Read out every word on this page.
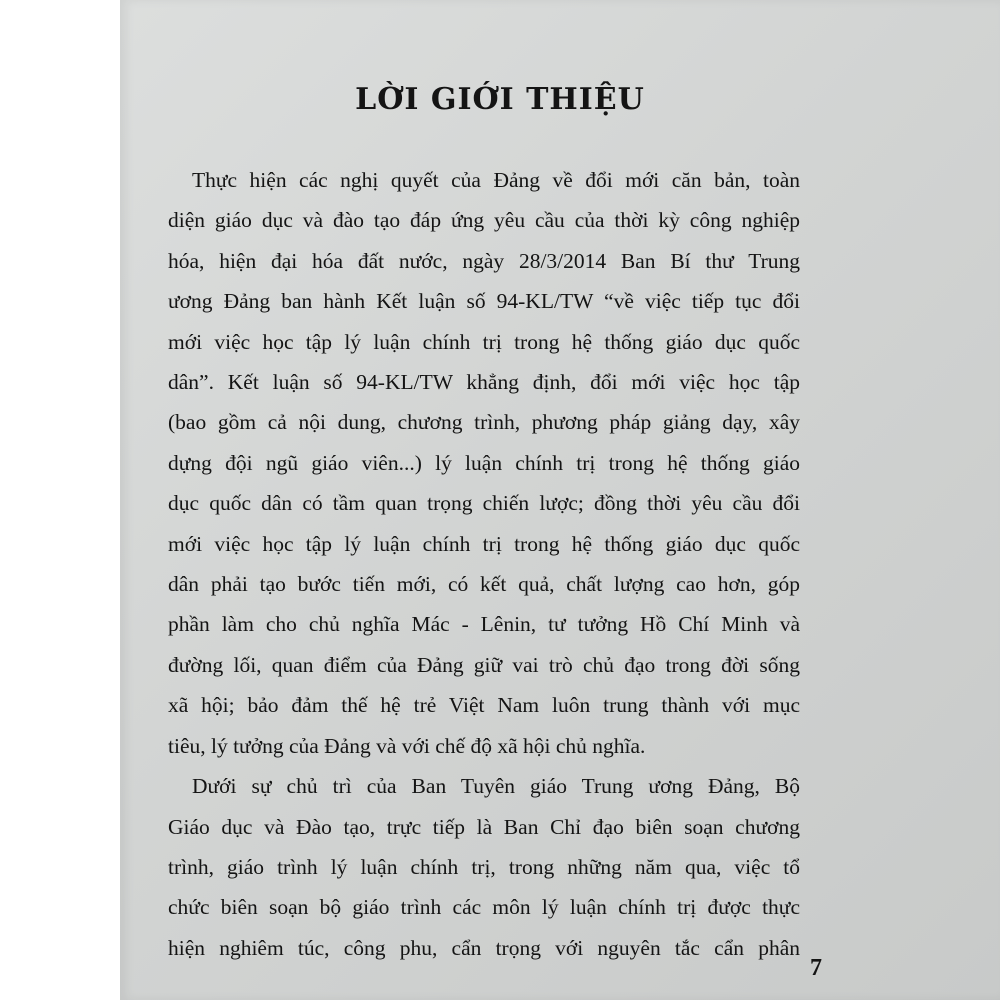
LỜI GIỚI THIỆU
Thực hiện các nghị quyết của Đảng về đổi mới căn bản, toàn
diện giáo dục và đào tạo đáp ứng yêu cầu của thời kỳ công nghiệp
hóa, hiện đại hóa đất nước, ngày 28/3/2014 Ban Bí thư Trung
ương Đảng ban hành Kết luận số 94-KL/TW “về việc tiếp tục đổi
mới việc học tập lý luận chính trị trong hệ thống giáo dục quốc
dân”. Kết luận số 94-KL/TW khẳng định, đổi mới việc học tập
(bao gồm cả nội dung, chương trình, phương pháp giảng dạy, xây
dựng đội ngũ giáo viên...) lý luận chính trị trong hệ thống giáo
dục quốc dân có tầm quan trọng chiến lược; đồng thời yêu cầu đổi
mới việc học tập lý luận chính trị trong hệ thống giáo dục quốc
dân phải tạo bước tiến mới, có kết quả, chất lượng cao hơn, góp
phần làm cho chủ nghĩa Mác - Lênin, tư tưởng Hồ Chí Minh và
đường lối, quan điểm của Đảng giữ vai trò chủ đạo trong đời sống
xã hội; bảo đảm thế hệ trẻ Việt Nam luôn trung thành với mục
tiêu, lý tưởng của Đảng và với chế độ xã hội chủ nghĩa.
Dưới sự chủ trì của Ban Tuyên giáo Trung ương Đảng, Bộ
Giáo dục và Đào tạo, trực tiếp là Ban Chỉ đạo biên soạn chương
trình, giáo trình lý luận chính trị, trong những năm qua, việc tổ
chức biên soạn bộ giáo trình các môn lý luận chính trị được thực
hiện nghiêm túc, công phu, cẩn trọng với nguyên tắc cẩn phân
7
